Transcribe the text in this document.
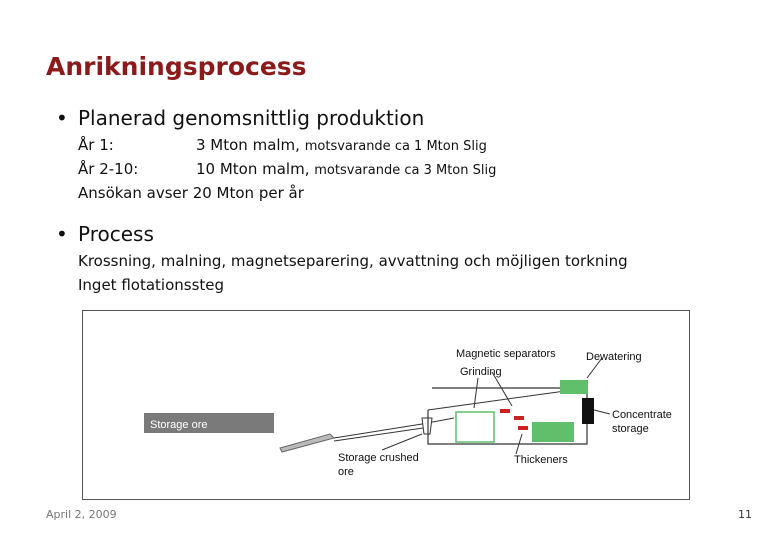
Anrikningsprocess
• Planerad genomsnittlig produktion
År 1:	3 Mton malm, motsvarande ca 1 Mton Slig
År 2-10:	10 Mton malm, motsvarande ca 3 Mton Slig
Ansökan avser 20 Mton per år
• Process
Krossning, malning, magnetseparering, avvattning och möjligen torkning
Inget flotationssteg
Storage ore
Magnetic separators	Dewatering
Grinding
Concentrate
storage
Storage crushed
ore
Thickeners
April 2, 2009	11
